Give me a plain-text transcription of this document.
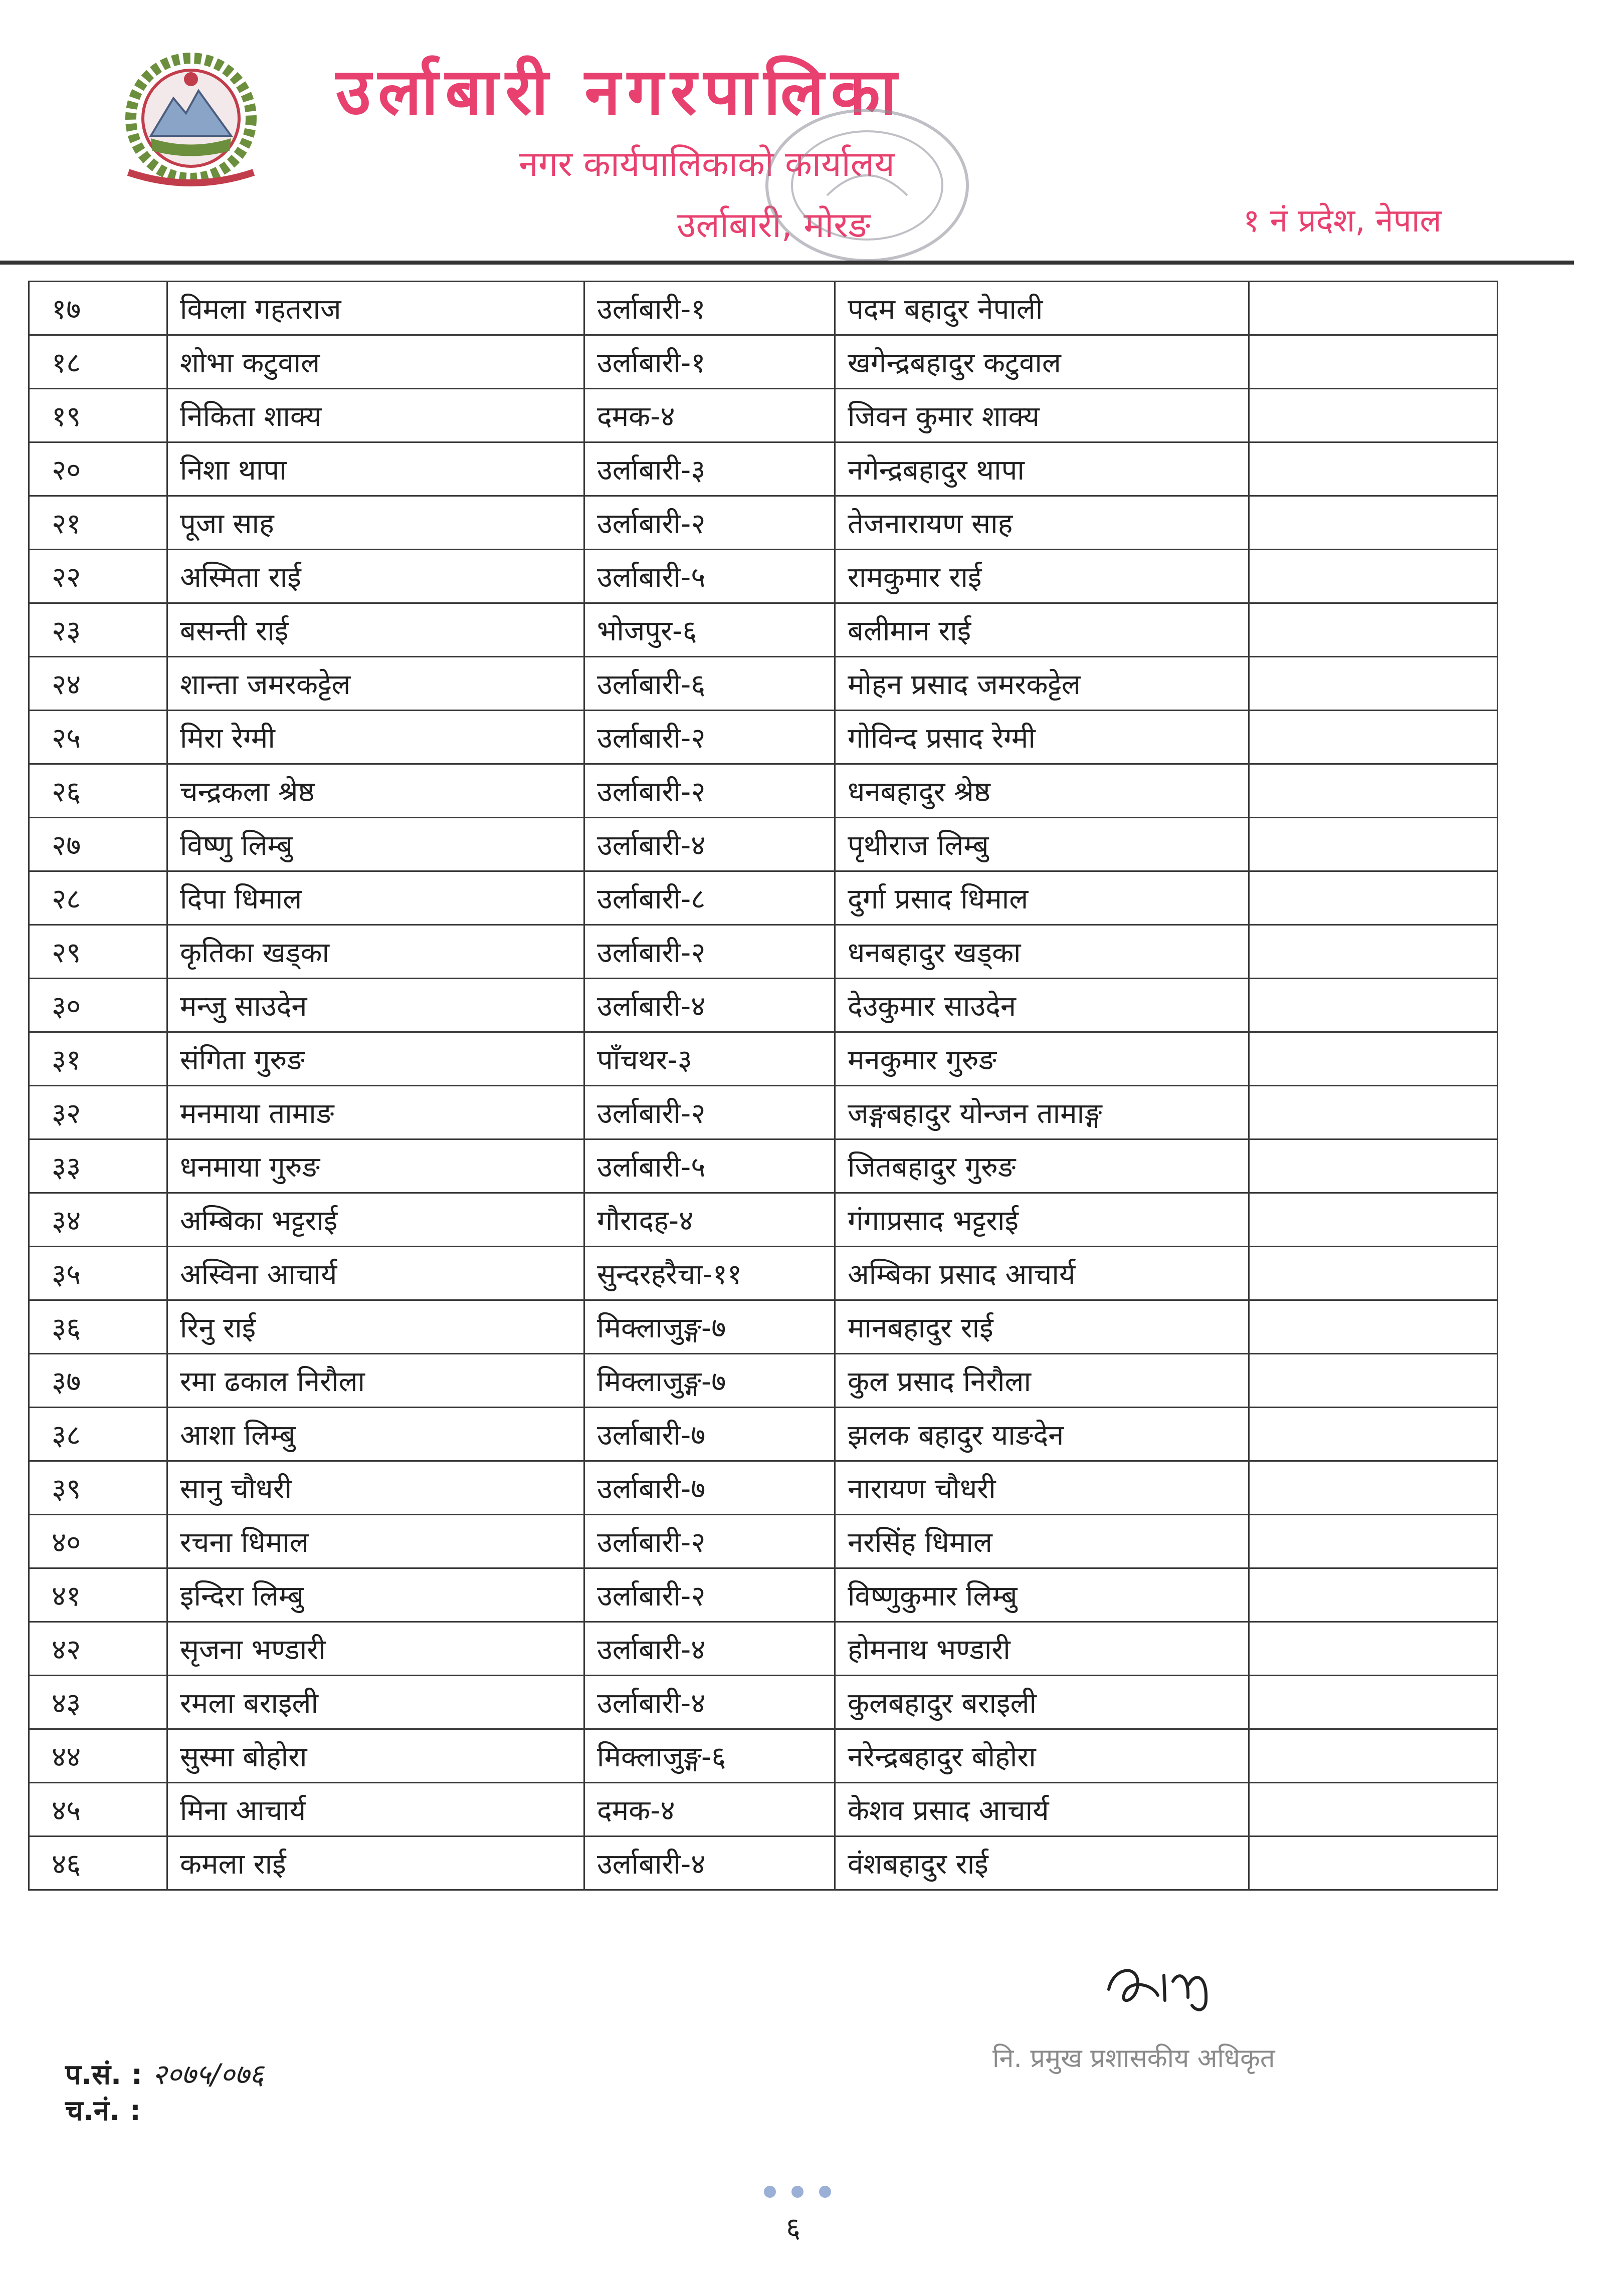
उर्लाबारी नगरपालिका
नगर कार्यपालिकाको कार्यालय
उर्लाबारी, मोरङ	१ नं प्रदेश, नेपाल
१७	विमला गहतराज	उर्लाबारी-१	पदम बहादुर नेपाली	
१८	शोभा कटुवाल	उर्लाबारी-१	खगेन्द्रबहादुर कटुवाल	
१९	निकिता शाक्य	दमक-४	जिवन कुमार शाक्य	
२०	निशा थापा	उर्लाबारी-३	नगेन्द्रबहादुर थापा	
२१	पूजा साह	उर्लाबारी-२	तेजनारायण साह	
२२	अस्मिता राई	उर्लाबारी-५	रामकुमार राई	
२३	बसन्ती राई	भोजपुर-६	बलीमान राई	
२४	शान्ता जमरकट्टेल	उर्लाबारी-६	मोहन प्रसाद जमरकट्टेल	
२५	मिरा रेग्मी	उर्लाबारी-२	गोविन्द प्रसाद रेग्मी	
२६	चन्द्रकला श्रेष्ठ	उर्लाबारी-२	धनबहादुर श्रेष्ठ	
२७	विष्णु लिम्बु	उर्लाबारी-४	पृथीराज लिम्बु	
२८	दिपा धिमाल	उर्लाबारी-८	दुर्गा प्रसाद धिमाल	
२९	कृतिका खड्का	उर्लाबारी-२	धनबहादुर खड्का	
३०	मन्जु साउदेन	उर्लाबारी-४	देउकुमार साउदेन	
३१	संगिता गुरुङ	पाँचथर-३	मनकुमार गुरुङ	
३२	मनमाया तामाङ	उर्लाबारी-२	जङ्गबहादुर योन्जन तामाङ्ग	
३३	धनमाया गुरुङ	उर्लाबारी-५	जितबहादुर गुरुङ	
३४	अम्बिका भट्टराई	गौरादह-४	गंगाप्रसाद भट्टराई	
३५	अस्विना आचार्य	सुन्दरहरैचा-११	अम्बिका प्रसाद आचार्य	
३६	रिनु राई	मिक्लाजुङ्ग-७	मानबहादुर राई	
३७	रमा ढकाल निरौला	मिक्लाजुङ्ग-७	कुल प्रसाद निरौला	
३८	आशा लिम्बु	उर्लाबारी-७	झलक बहादुर याङदेन	
३९	सानु चौधरी	उर्लाबारी-७	नारायण चौधरी	
४०	रचना धिमाल	उर्लाबारी-२	नरसिंह धिमाल	
४१	इन्दिरा लिम्बु	उर्लाबारी-२	विष्णुकुमार लिम्बु	
४२	सृजना भण्डारी	उर्लाबारी-४	होमनाथ भण्डारी	
४३	रमला बराइली	उर्लाबारी-४	कुलबहादुर बराइली	
४४	सुस्मा बोहोरा	मिक्लाजुङ्ग-६	नरेन्द्रबहादुर बोहोरा	
४५	मिना आचार्य	दमक-४	केशव प्रसाद आचार्य	
४६	कमला राई	उर्लाबारी-४	वंशबहादुर राई	
नि. प्रमुख प्रशासकीय अधिकृत
प.सं. : २०७५/०७६
च.नं. :
६
